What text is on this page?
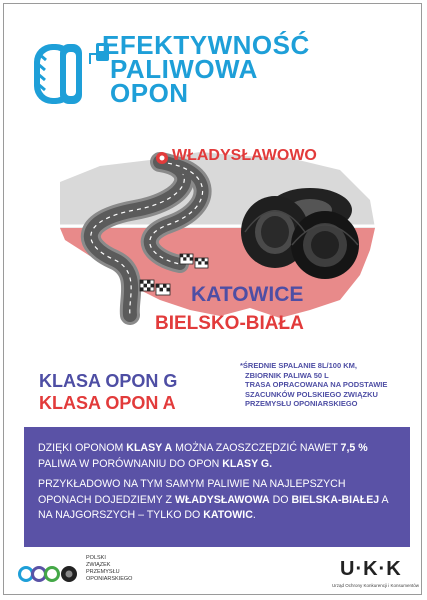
EFEKTYWNOŚĆ
PALIWOWA
OPON
WŁADYSŁAWOWO
KATOWICE
BIELSKO-BIAŁA
KLASA OPON G
KLASA OPON A
*ŚREDNIE SPALANIE 8L/100 KM,
ZBIORNIK PALIWA 50 L
TRASA OPRACOWANA NA PODSTAWIE
SZACUNKÓW POLSKIEGO ZWIĄZKU
PRZEMYSŁU OPONIARSKIEGO

DZIĘKI OPONOM KLASY A MOŻNA ZAOSZCZĘDZIĆ NAWET 7,5 % PALIWA W PORÓWNANIU DO OPON KLASY G.

PRZYKŁADOWO NA TYM SAMYM PALIWIE NA NAJLEPSZYCH OPONACH DOJEDZIEMY Z WŁADYSŁAWOWA DO BIELSKA-BIAŁEJ A NA NAJGORSZYCH – TYLKO DO KATOWIC.

POLSKI
ZWIĄZEK
PRZEMYSŁU
OPONIARSKIEGO	U·K·K
Urząd Ochrony Konkurencji i Konsumentów
